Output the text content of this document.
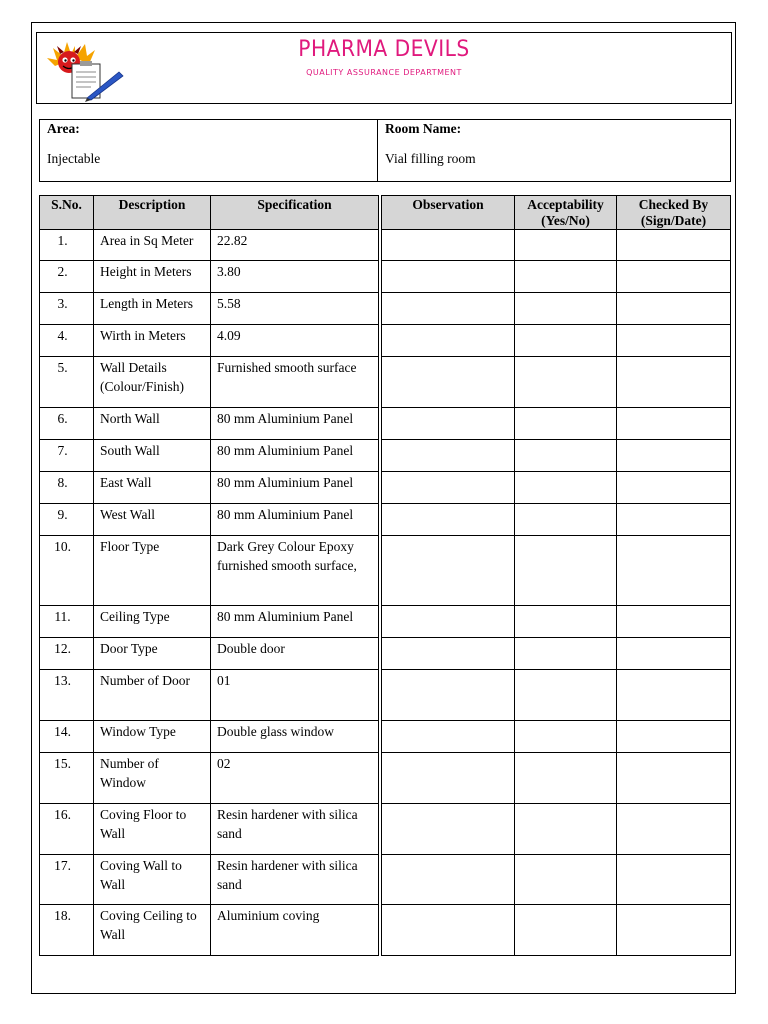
PHARMA DEVILS
QUALITY ASSURANCE DEPARTMENT
Area:
Injectable

Room Name:
Vial filling room
S.No.	Description	Specification		Observation	Acceptability (Yes/No)	Checked By (Sign/Date)
1.	Area in Sq Meter	22.82				
2.	Height in Meters	3.80				
3.	Length in Meters	5.58				
4.	Wirth in Meters	4.09				
5.	Wall Details (Colour/Finish)	Furnished smooth surface				
6.	North Wall	80 mm Aluminium Panel				
7.	South Wall	80 mm Aluminium Panel				
8.	East Wall	80 mm Aluminium Panel				
9.	West Wall	80 mm Aluminium Panel				
10.	Floor Type	Dark Grey Colour Epoxy furnished smooth surface,				
11.	Ceiling Type	80 mm Aluminium Panel				
12.	Door Type	Double door				
13.	Number of Door	01				
14.	Window Type	Double glass window				
15.	Number of Window	02				
16.	Coving Floor to Wall	Resin hardener with silica sand				
17.	Coving Wall to Wall	Resin hardener with silica sand				
18.	Coving Ceiling to Wall	Aluminium coving				
